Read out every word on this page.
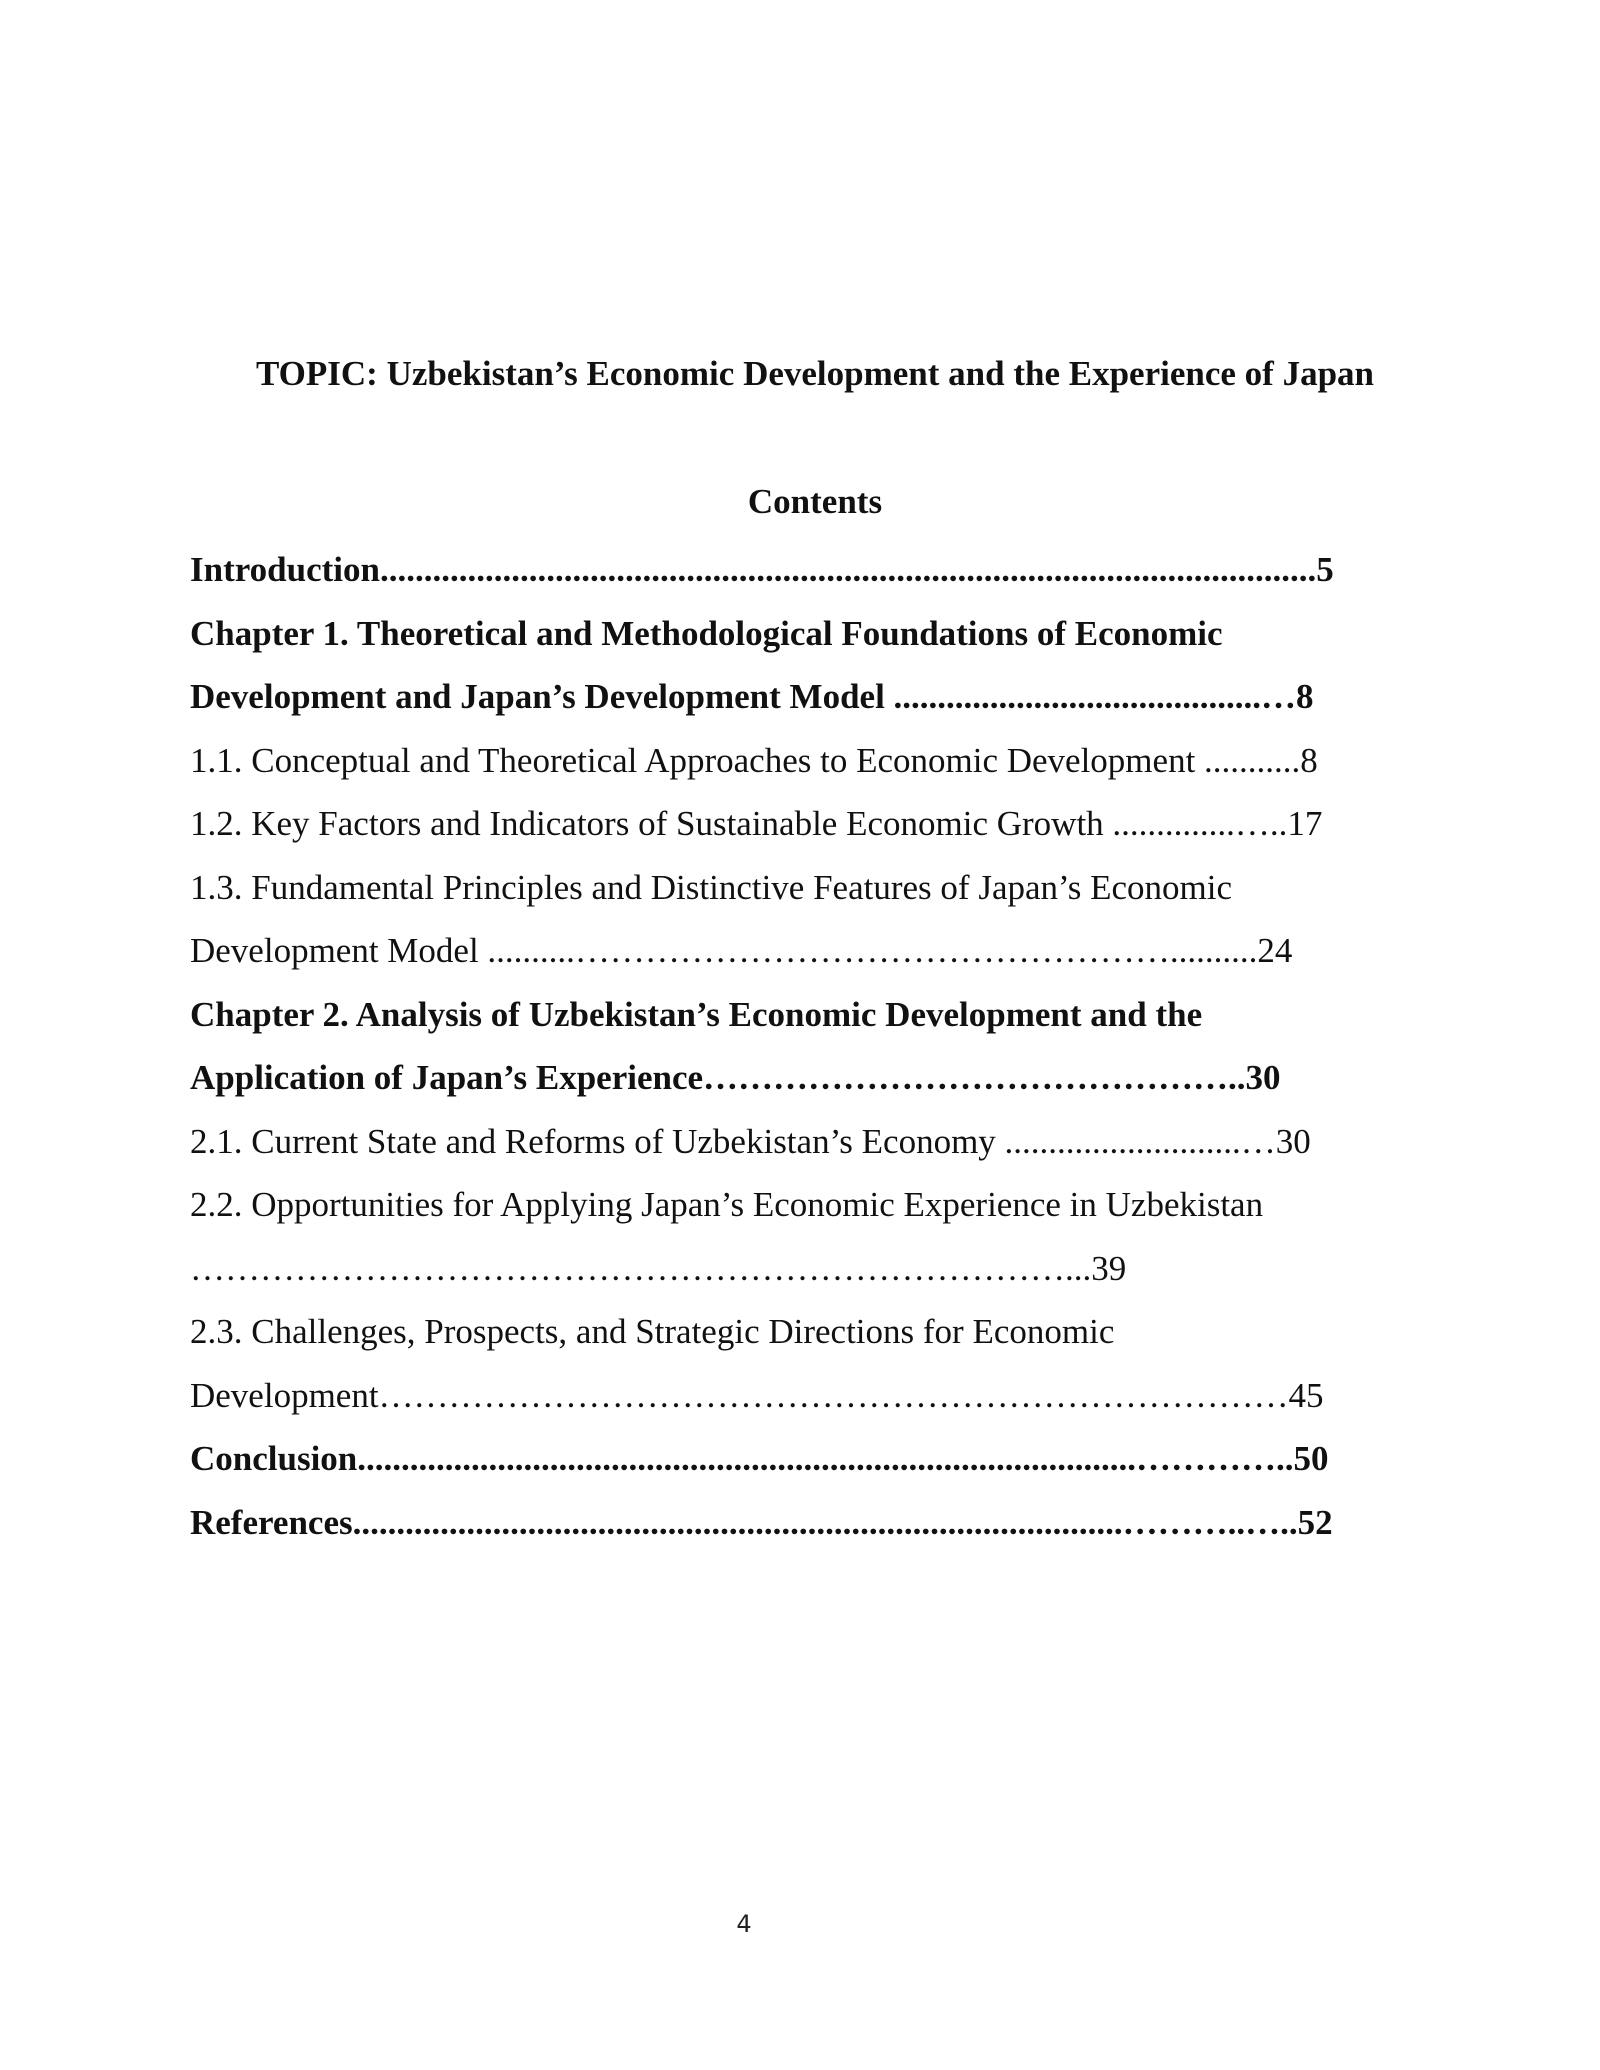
TOPIC: Uzbekistan’s Economic Development and the Experience of Japan
Contents
Introduction...........................................................................................................5
Chapter 1. Theoretical and Methodological Foundations of Economic
Development and Japan’s Development Model ..........................................…8
1.1. Conceptual and Theoretical Approaches to Economic Development ...........8
1.2. Key Factors and Indicators of Sustainable Economic Growth ..............…..17
1.3. Fundamental Principles and Distinctive Features of Japan’s Economic
Development Model ..........……………………………………………..........24
Chapter 2. Analysis of Uzbekistan’s Economic Development and the
Application of Japan’s Experience………………………………………..30
2.1. Current State and Reforms of Uzbekistan’s Economy ...........................…30
2.2. Opportunities for Applying Japan’s Economic Experience in Uzbekistan
…………………………………………………………………...39
2.3. Challenges, Prospects, and Strategic Directions for Economic
Development……………………………………………………………………45
Conclusion.........................................................................................…………..50
References........................................................................................………..…..52
4
